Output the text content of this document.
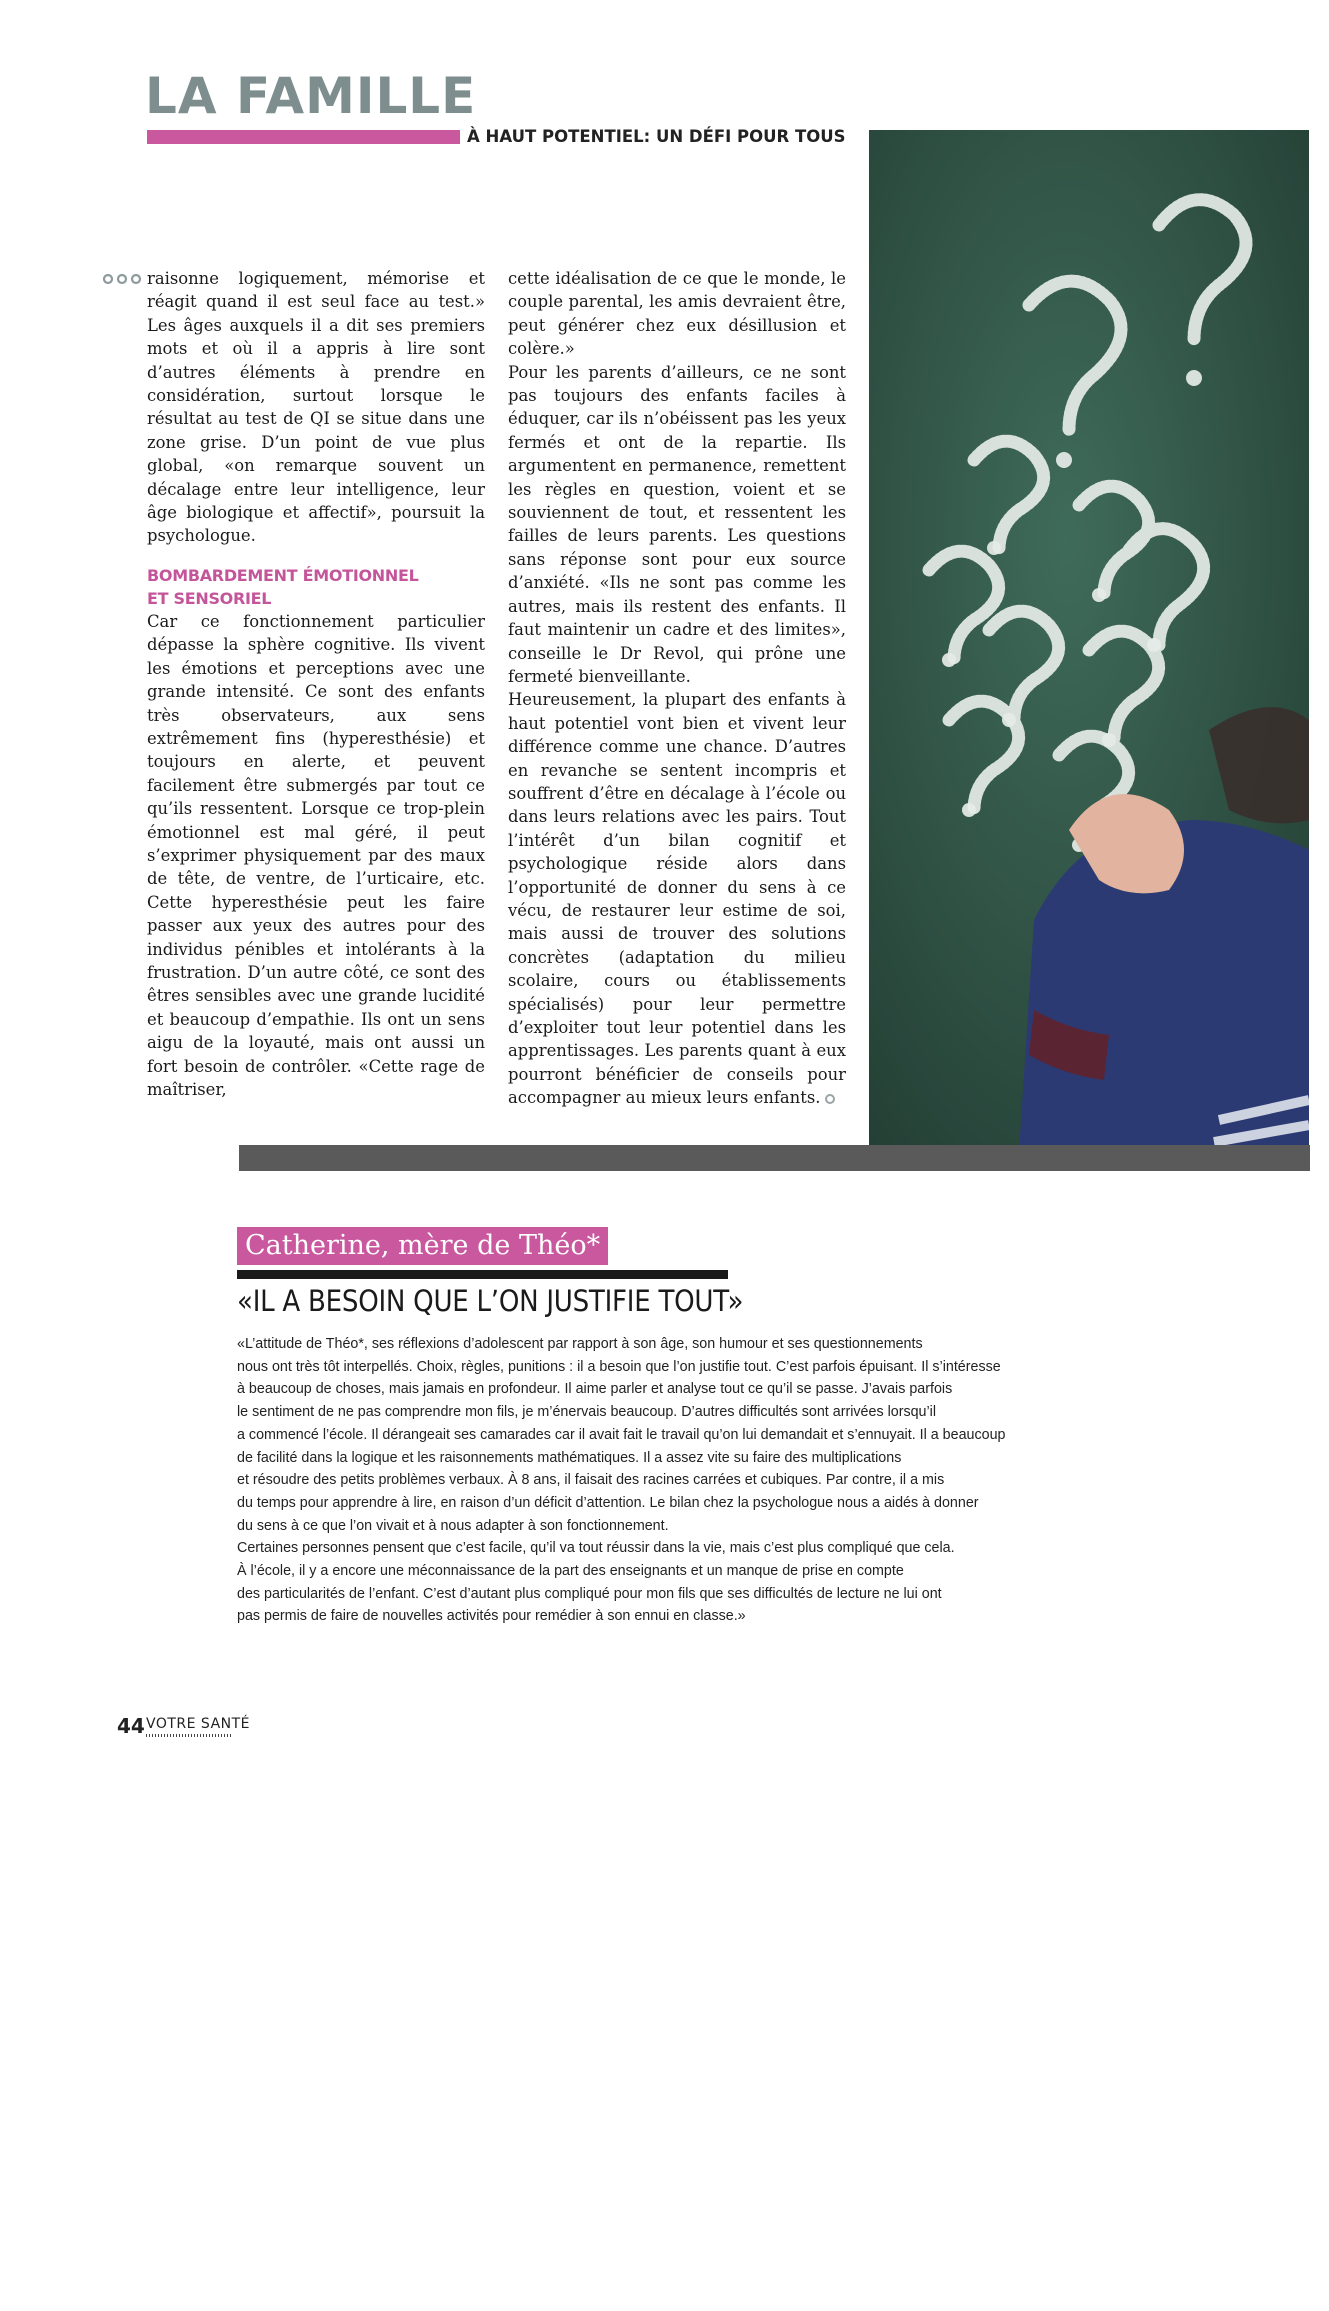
LA FAMILLE
À HAUT POTENTIEL: UN DÉFI POUR TOUS

raisonne logiquement, mémorise et réagit quand il est seul face au test.» Les âges auxquels il a dit ses premiers mots et où il a appris à lire sont d’autres éléments à prendre en considération, surtout lorsque le résultat au test de QI se situe dans une zone grise. D’un point de vue plus global, «on remarque souvent un décalage entre leur intelligence, leur âge biologique et affectif», poursuit la psychologue.

BOMBARDEMENT ÉMOTIONNEL
ET SENSORIEL

Car ce fonctionnement particulier dépasse la sphère cognitive. Ils vivent les émotions et perceptions avec une grande intensité. Ce sont des enfants très observateurs, aux sens extrêmement fins (hyperesthésie) et toujours en alerte, et peuvent facilement être submergés par tout ce qu’ils ressentent. Lorsque ce trop-plein émotionnel est mal géré, il peut s’exprimer physiquement par des maux de tête, de ventre, de l’urticaire, etc. Cette hyperesthésie peut les faire passer aux yeux des autres pour des individus pénibles et intolérants à la frustration. D’un autre côté, ce sont des êtres sensibles avec une grande lucidité et beaucoup d’empathie. Ils ont un sens aigu de la loyauté, mais ont aussi un fort besoin de contrôler. «Cette rage de maîtriser,

cette idéalisation de ce que le monde, le couple parental, les amis devraient être, peut générer chez eux désillusion et colère.»

Pour les parents d’ailleurs, ce ne sont pas toujours des enfants faciles à éduquer, car ils n’obéissent pas les yeux fermés et ont de la repartie. Ils argumentent en permanence, remettent les règles en question, voient et se souviennent de tout, et ressentent les failles de leurs parents. Les questions sans réponse sont pour eux source d’anxiété. «Ils ne sont pas comme les autres, mais ils restent des enfants. Il faut maintenir un cadre et des limites», conseille le Dr Revol, qui prône une fermeté bienveillante.

Heureusement, la plupart des enfants à haut potentiel vont bien et vivent leur différence comme une chance. D’autres en revanche se sentent incompris et souffrent d’être en décalage à l’école ou dans leurs relations avec les pairs. Tout l’intérêt d’un bilan cognitif et psychologique réside alors dans l’opportunité de donner du sens à ce vécu, de restaurer leur estime de soi, mais aussi de trouver des solutions concrètes (adaptation du milieu scolaire, cours ou établissements spécialisés) pour leur permettre d’exploiter tout leur potentiel dans les apprentissages. Les parents quant à eux pourront bénéficier de conseils pour accompagner au mieux leurs enfants.

Pour les parents, ce ne sont pas des enfants faciles à éduquer. Ils argumentent
Catherine, mère de Théo*
«IL A BESOIN QUE L’ON JUSTIFIE TOUT»
«L’attitude de Théo*, ses réflexions d’adolescent par rapport à son âge, son humour et ses questionnements
nous ont très tôt interpellés. Choix, règles, punitions : il a besoin que l’on justifie tout. C’est parfois épuisant. Il s’intéresse
à beaucoup de choses, mais jamais en profondeur. Il aime parler et analyse tout ce qu’il se passe. J’avais parfois
le sentiment de ne pas comprendre mon fils, je m’énervais beaucoup. D’autres difficultés sont arrivées lorsqu’il
a commencé l’école. Il dérangeait ses camarades car il avait fait le travail qu’on lui demandait et s’ennuyait. Il a beaucoup
de facilité dans la logique et les raisonnements mathématiques. Il a assez vite su faire des multiplications
et résoudre des petits problèmes verbaux. À 8 ans, il faisait des racines carrées et cubiques. Par contre, il a mis
du temps pour apprendre à lire, en raison d’un déficit d’attention. Le bilan chez la psychologue nous a aidés à donner
du sens à ce que l’on vivait et à nous adapter à son fonctionnement.
Certaines personnes pensent que c’est facile, qu’il va tout réussir dans la vie, mais c’est plus compliqué que cela.
À l’école, il y a encore une méconnaissance de la part des enseignants et un manque de prise en compte
des particularités de l’enfant. C’est d’autant plus compliqué pour mon fils que ses difficultés de lecture ne lui ont
pas permis de faire de nouvelles activités pour remédier à son ennui en classe.»
44 VOTRE SANTÉ
